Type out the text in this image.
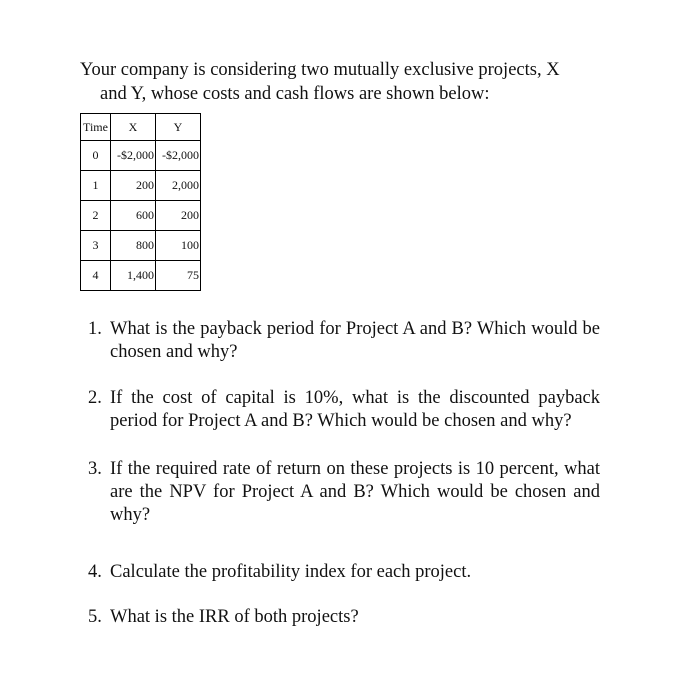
Your company is considering two mutually exclusive projects, X
and Y, whose costs and cash flows are shown below:
Time	X	Y
0	-$2,000	-$2,000
1	200	2,000
2	600	200
3	800	100
4	1,400	75
1. What is the payback period for Project A and B? Which would be chosen and why?
2. If the cost of capital is 10%, what is the discounted payback period for Project A and B? Which would be chosen and why?
3. If the required rate of return on these projects is 10 percent, what are the NPV for Project A and B? Which would be chosen and why?
4. Calculate the profitability index for each project.
5. What is the IRR of both projects?
